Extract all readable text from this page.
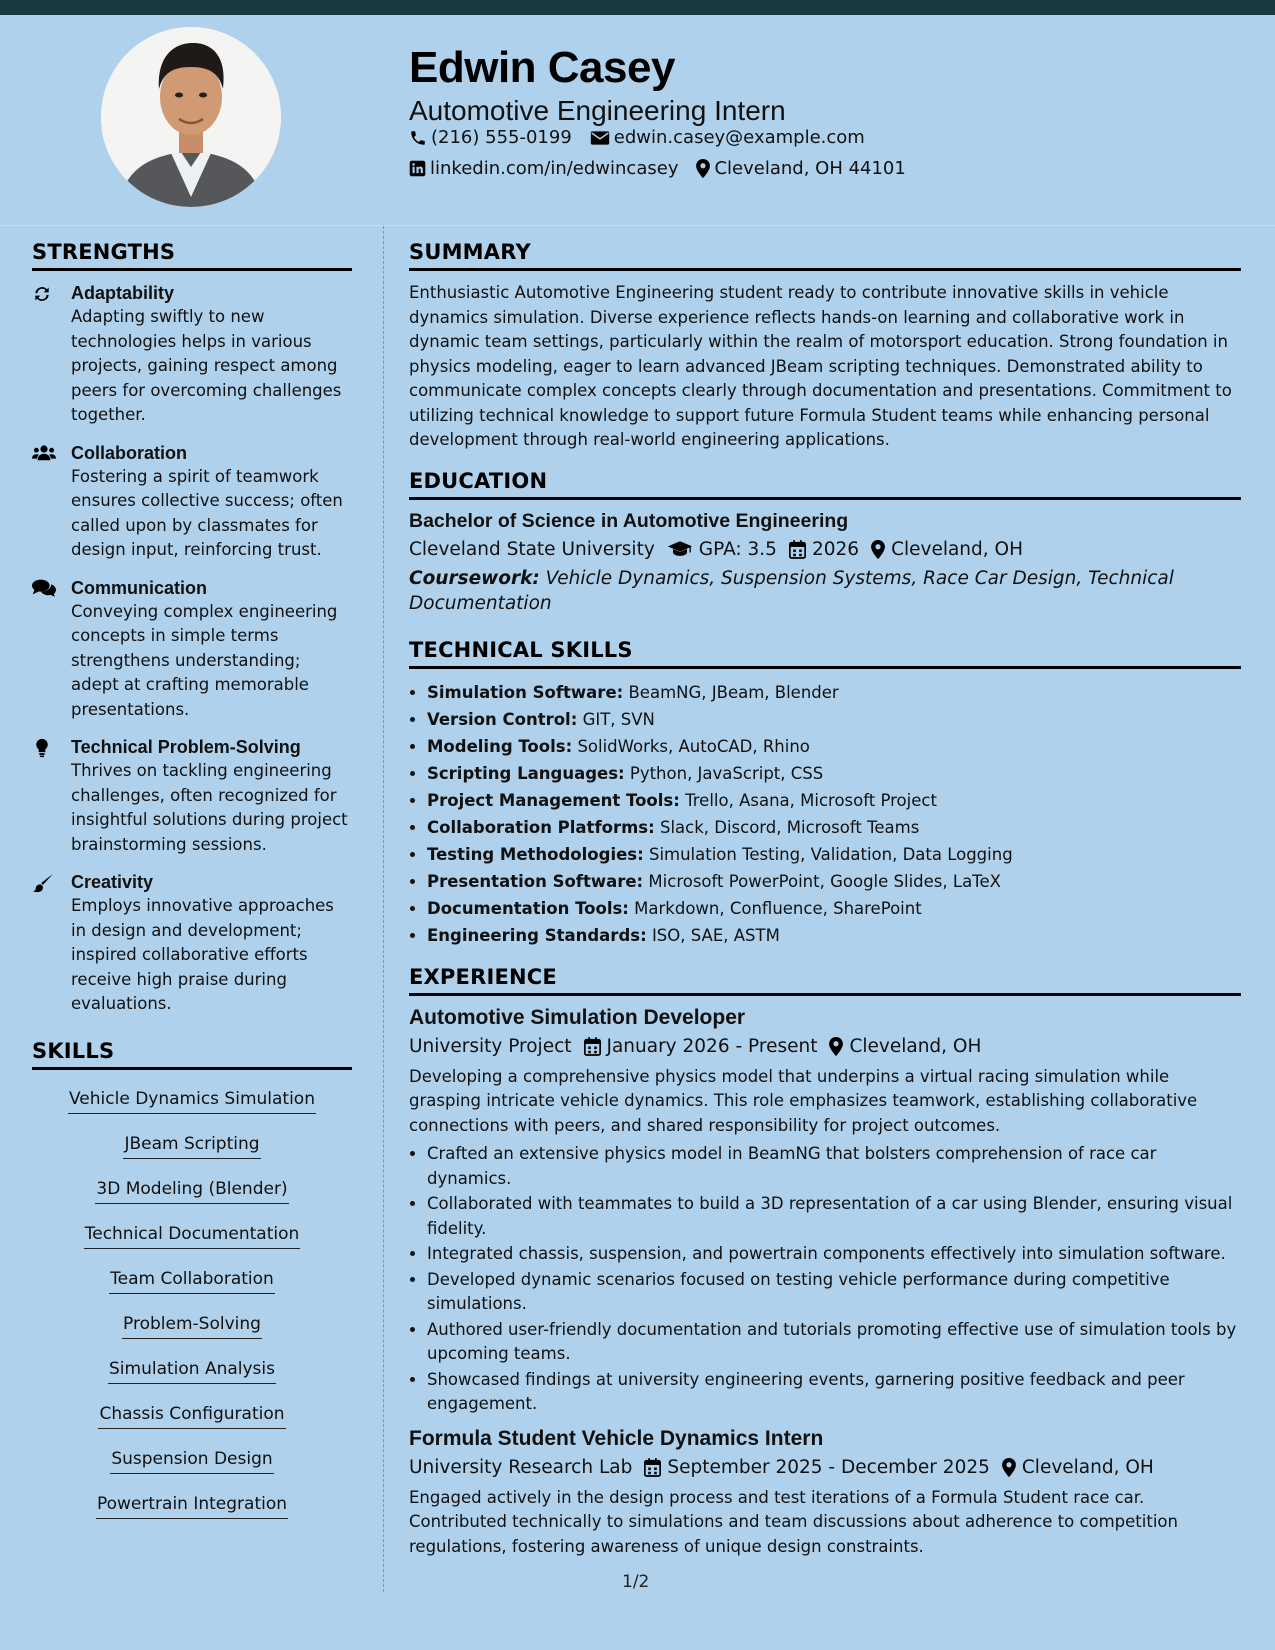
Edwin Casey
Automotive Engineering Intern
(216) 555-0199 edwin.casey@example.com
linkedin.com/in/edwincasey Cleveland, OH 44101
STRENGTHS
Adaptability
Adapting swiftly to new technologies helps in various projects, gaining respect among peers for overcoming challenges together.
Collaboration
Fostering a spirit of teamwork ensures collective success; often called upon by classmates for design input, reinforcing trust.
Communication
Conveying complex engineering concepts in simple terms strengthens understanding; adept at crafting memorable presentations.
Technical Problem-Solving
Thrives on tackling engineering challenges, often recognized for insightful solutions during project brainstorming sessions.
Creativity
Employs innovative approaches in design and development; inspired collaborative efforts receive high praise during evaluations.
SKILLS
Vehicle Dynamics Simulation
JBeam Scripting
3D Modeling (Blender)
Technical Documentation
Team Collaboration
Problem-Solving
Simulation Analysis
Chassis Configuration
Suspension Design
Powertrain Integration
SUMMARY

Enthusiastic Automotive Engineering student ready to contribute innovative skills in vehicle dynamics simulation. Diverse experience reflects hands-on learning and collaborative work in dynamic team settings, particularly within the realm of motorsport education. Strong foundation in physics modeling, eager to learn advanced JBeam scripting techniques. Demonstrated ability to communicate complex concepts clearly through documentation and presentations. Commitment to utilizing technical knowledge to support future Formula Student teams while enhancing personal development through real-world engineering applications.

EDUCATION
Bachelor of Science in Automotive Engineering
Cleveland State University GPA: 3.5 2026 Cleveland, OH
Coursework: Vehicle Dynamics, Suspension Systems, Race Car Design, Technical Documentation
TECHNICAL SKILLS
• Simulation Software: BeamNG, JBeam, Blender
• Version Control: GIT, SVN
• Modeling Tools: SolidWorks, AutoCAD, Rhino
• Scripting Languages: Python, JavaScript, CSS
• Project Management Tools: Trello, Asana, Microsoft Project
• Collaboration Platforms: Slack, Discord, Microsoft Teams
• Testing Methodologies: Simulation Testing, Validation, Data Logging
• Presentation Software: Microsoft PowerPoint, Google Slides, LaTeX
• Documentation Tools: Markdown, Confluence, SharePoint
• Engineering Standards: ISO, SAE, ASTM
EXPERIENCE
Automotive Simulation Developer
University Project January 2026 - Present Cleveland, OH

Developing a comprehensive physics model that underpins a virtual racing simulation while grasping intricate vehicle dynamics. This role emphasizes teamwork, establishing collaborative connections with peers, and shared responsibility for project outcomes.

• Crafted an extensive physics model in BeamNG that bolsters comprehension of race car dynamics.
• Collaborated with teammates to build a 3D representation of a car using Blender, ensuring visual fidelity.
• Integrated chassis, suspension, and powertrain components effectively into simulation software.
• Developed dynamic scenarios focused on testing vehicle performance during competitive simulations.
• Authored user-friendly documentation and tutorials promoting effective use of simulation tools by upcoming teams.
• Showcased findings at university engineering events, garnering positive feedback and peer engagement.
Formula Student Vehicle Dynamics Intern
University Research Lab September 2025 - December 2025 Cleveland, OH

Engaged actively in the design process and test iterations of a Formula Student race car. Contributed technically to simulations and team discussions about adherence to competition regulations, fostering awareness of unique design constraints.

1/2
